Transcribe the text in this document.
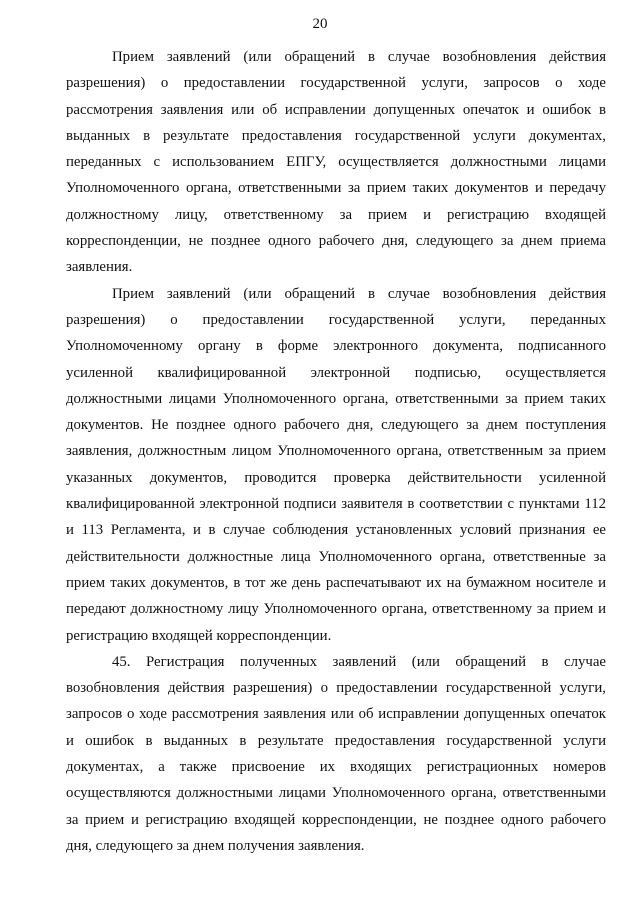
20

Прием заявлений (или обращений в случае возобновления действия разрешения) о предоставлении государственной услуги, запросов о ходе рассмотрения заявления или об исправлении допущенных опечаток и ошибок в выданных в результате предоставления государственной услуги документах, переданных с использованием ЕПГУ, осуществляется должностными лицами Уполномоченного органа, ответственными за прием таких документов и передачу должностному лицу, ответственному за прием и регистрацию входящей корреспонденции, не позднее одного рабочего дня, следующего за днем приема заявления.

Прием заявлений (или обращений в случае возобновления действия разрешения) о предоставлении государственной услуги, переданных Уполномоченному органу в форме электронного документа, подписанного усиленной квалифицированной электронной подписью, осуществляется должностными лицами Уполномоченного органа, ответственными за прием таких документов. Не позднее одного рабочего дня, следующего за днем поступления заявления, должностным лицом Уполномоченного органа, ответственным за прием указанных документов, проводится проверка действительности усиленной квалифицированной электронной подписи заявителя в соответствии с пунктами 112 и 113 Регламента, и в случае соблюдения установленных условий признания ее действительности должностные лица Уполномоченного органа, ответственные за прием таких документов, в тот же день распечатывают их на бумажном носителе и передают должностному лицу Уполномоченного органа, ответственному за прием и регистрацию входящей корреспонденции.

45. Регистрация полученных заявлений (или обращений в случае возобновления действия разрешения) о предоставлении государственной услуги, запросов о ходе рассмотрения заявления или об исправлении допущенных опечаток и ошибок в выданных в результате предоставления государственной услуги документах, а также присвоение их входящих регистрационных номеров осуществляются должностными лицами Уполномоченного органа, ответственными за прием и регистрацию входящей корреспонденции, не позднее одного рабочего дня, следующего за днем получения заявления.
